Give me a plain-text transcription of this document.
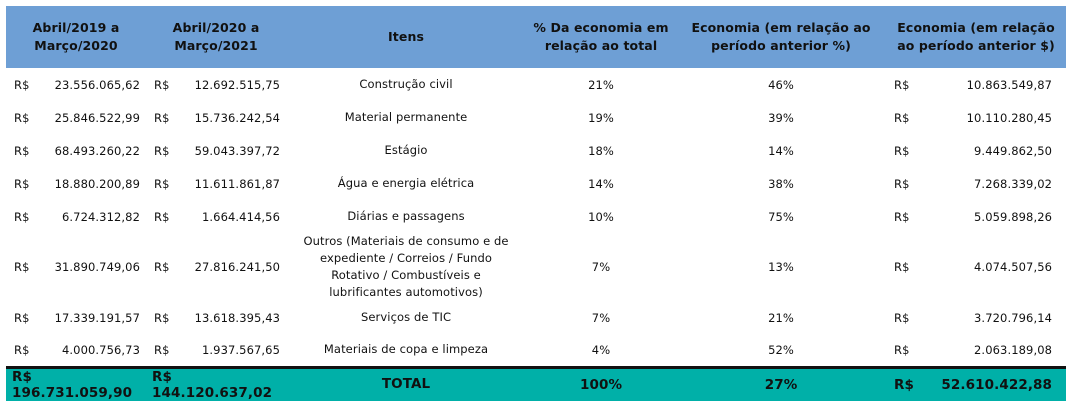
Abril/2019 a Março/2020		Abril/2020 a Março/2021		Itens	% Da economia em relação ao total	Economia (em relação ao período anterior %)	Economia (em relação ao período anterior $)	
R$	23.556.065,62	R$	12.692.515,75	Construção civil	21%	46%	R$	10.863.549,87
R$	25.846.522,99	R$	15.736.242,54	Material permanente	19%	39%	R$	10.110.280,45
R$	68.493.260,22	R$	59.043.397,72	Estágio	18%	14%	R$	9.449.862,50
R$	18.880.200,89	R$	11.611.861,87	Água e energia elétrica	14%	38%	R$	7.268.339,02
R$	6.724.312,82	R$	1.664.414,56	Diárias e passagens	10%	75%	R$	5.059.898,26
R$	31.890.749,06	R$	27.816.241,50	Outros (Materiais de consumo e de expediente / Correios / Fundo Rotativo / Combustíveis e lubrificantes automotivos)	7%	13%	R$	4.074.507,56
R$	17.339.191,57	R$	13.618.395,43	Serviços de TIC	7%	21%	R$	3.720.796,14
R$	4.000.756,73	R$	1.937.567,65	Materiais de copa e limpeza	4%	52%	R$	2.063.189,08
R$ 196.731.059,90		R$ 144.120.637,02		TOTAL	100%	27%	R$	52.610.422,88
